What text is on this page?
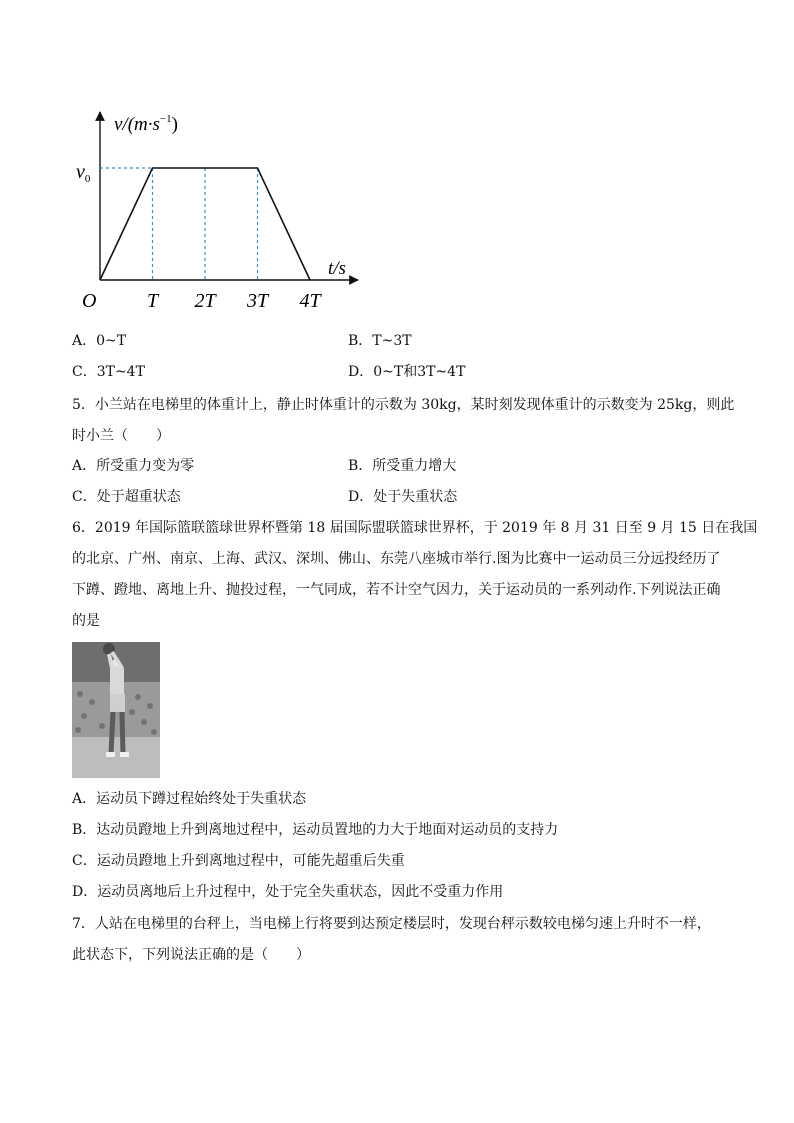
$v/(m\cdot s^{-1})$
$v_0$
t/s
O	T 2T 3T 4T
A．0~T	B．T~3T
C．3T~4T	D．0~T和3T~4T
5．小兰站在电梯里的体重计上，静止时体重计的示数为 30kg，某时刻发现体重计的示数变为 25kg，则此
时小兰（　　）
A．所受重力变为零	B．所受重力增大
C．处于超重状态	D．处于失重状态
6．2019 年国际篮联篮球世界杯暨第 18 届国际盟联篮球世界杯，于 2019 年 8 月 31 日至 9 月 15 日在我国
的北京、广州、南京、上海、武汉、深圳、佛山、东莞八座城市举行.图为比赛中一运动员三分远投经历了
下蹲、蹬地、离地上升、抛投过程，一气同成，若不计空气因力，关于运动员的一系列动作.下列说法正确
的是
A．运动员下蹲过程始终处于失重状态
B．达动员蹬地上升到离地过程中，运动员置地的力大于地面对运动员的支持力
C．运动员蹬地上升到离地过程中，可能先超重后失重
D．运动员离地后上升过程中，处于完全失重状态，因此不受重力作用
7．人站在电梯里的台秤上，当电梯上行将要到达预定楼层时，发现台秤示数较电梯匀速上升时不一样，
此状态下，下列说法正确的是（　　）
